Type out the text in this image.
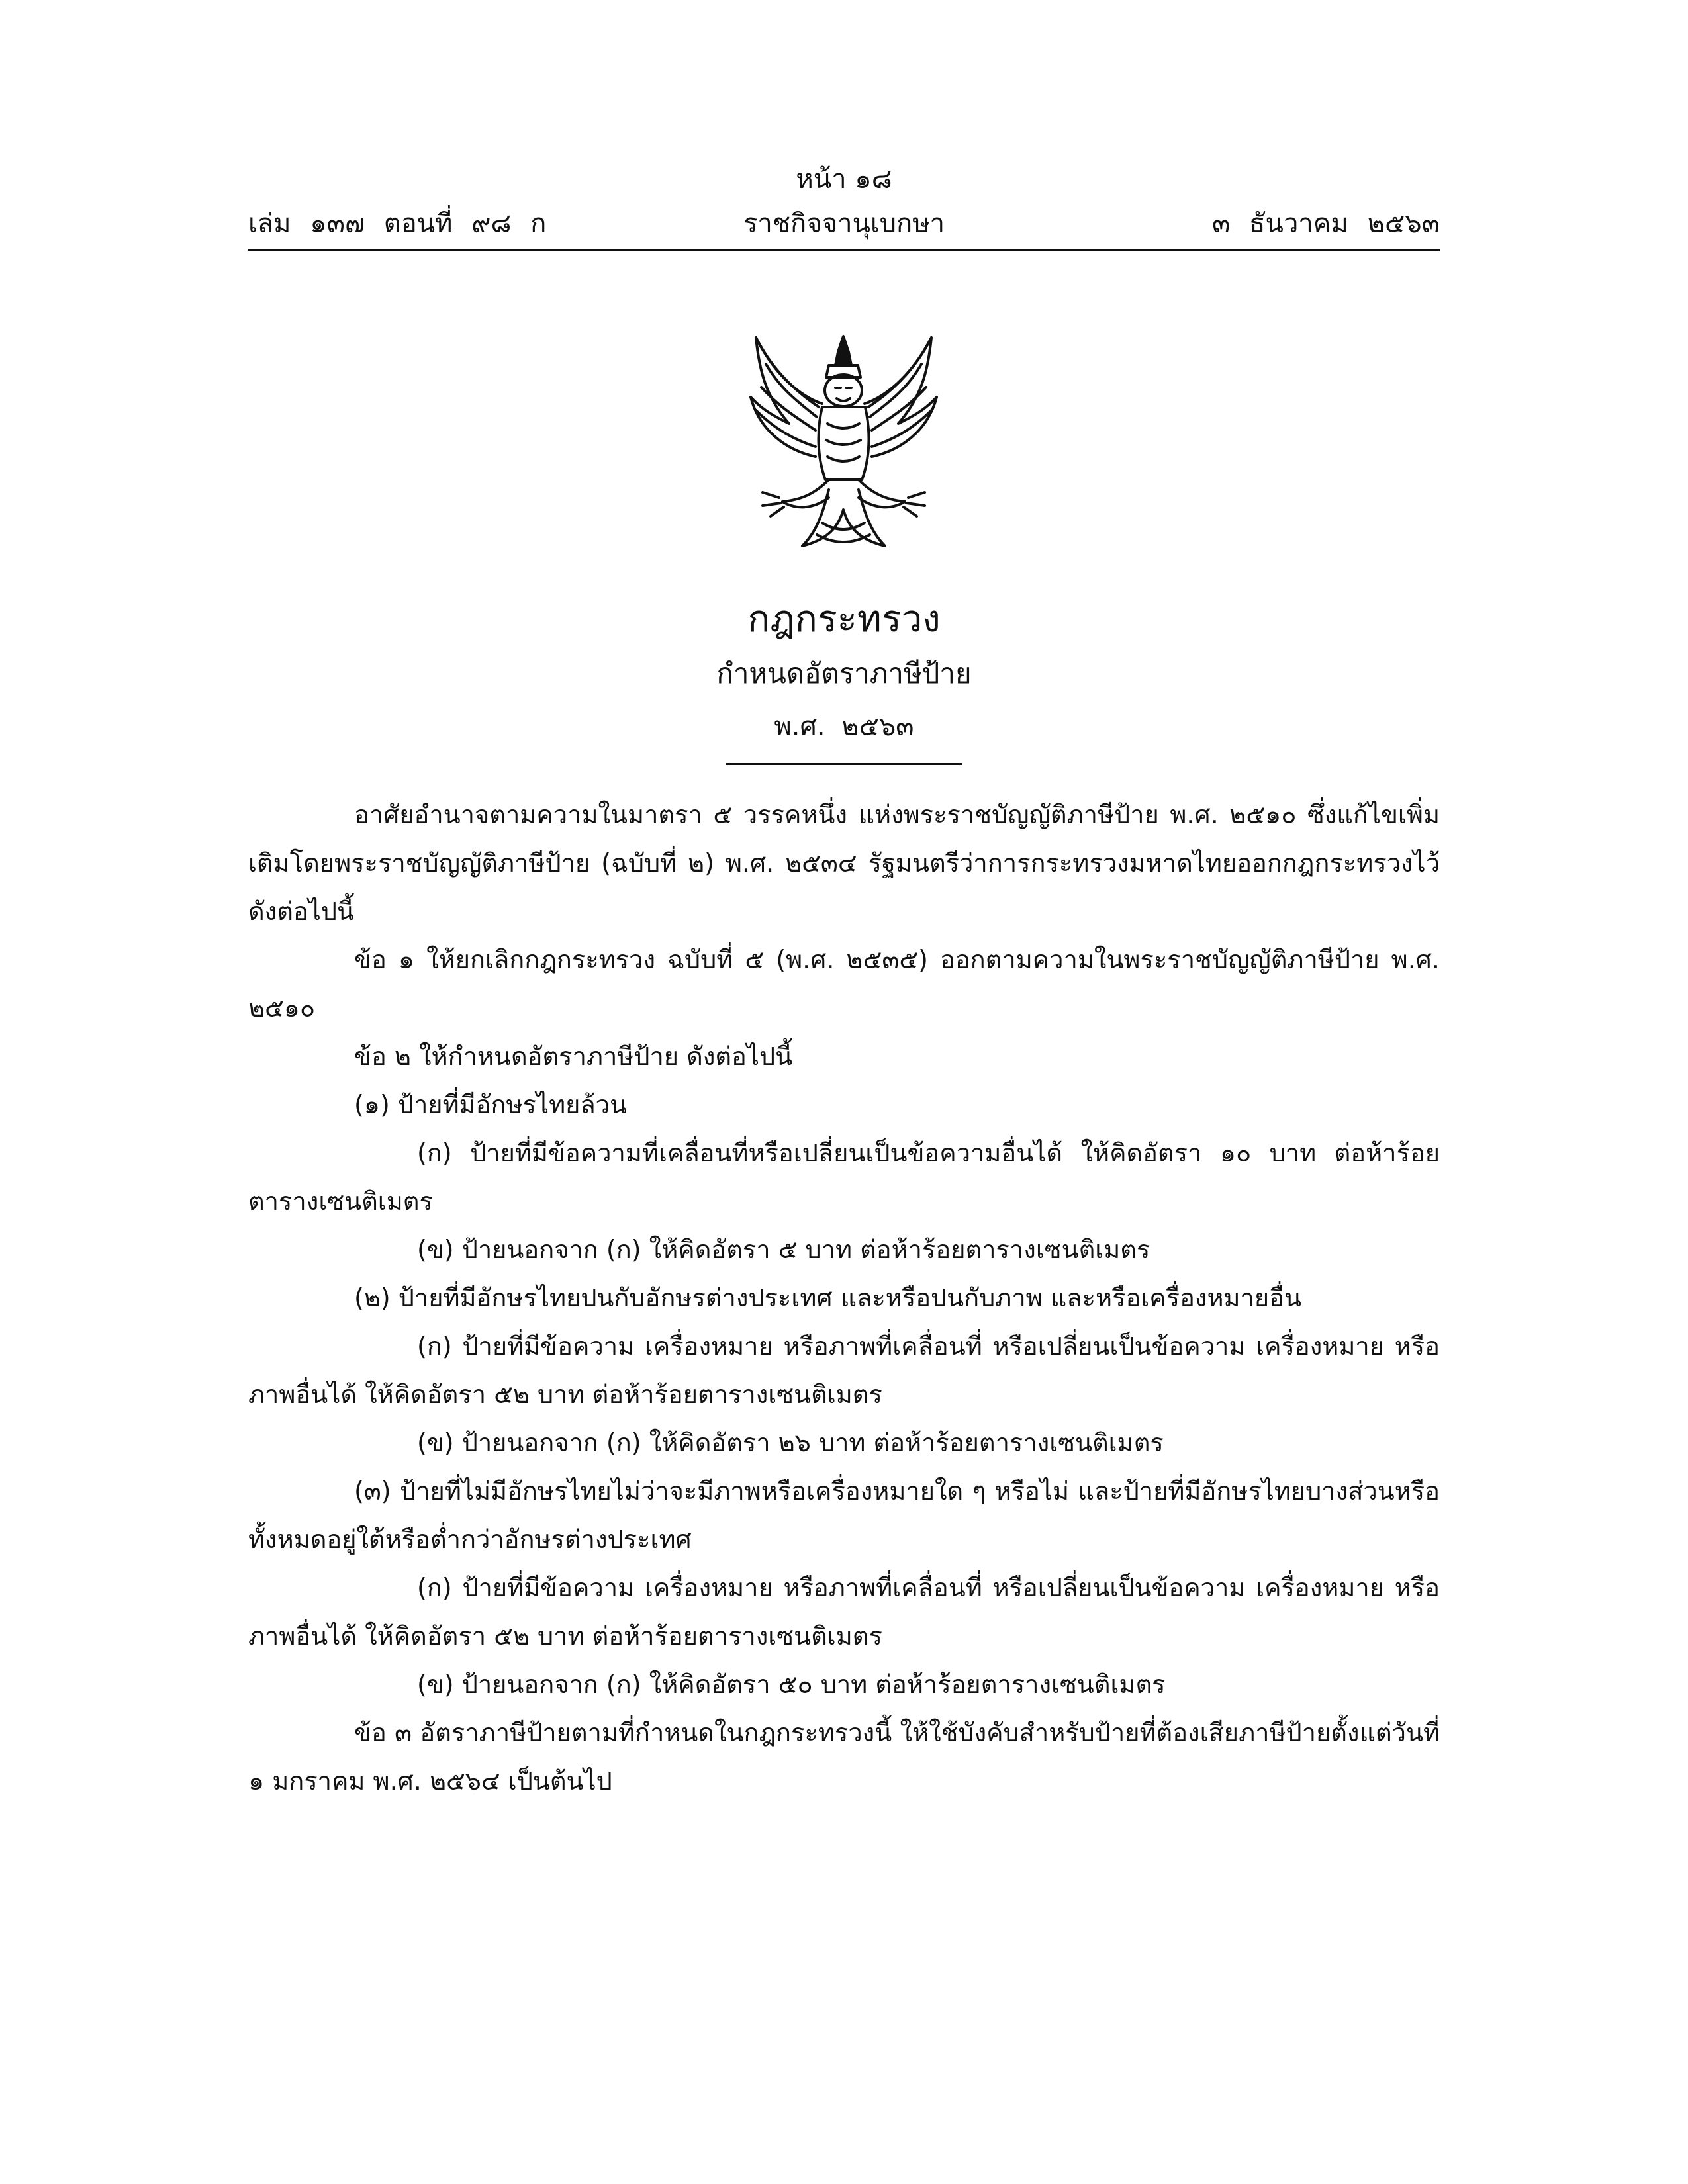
หน้า ๑๘
เล่ม ๑๓๗ ตอนที่ ๙๘ ก	ราชกิจจานุเบกษา	๓ ธันวาคม ๒๕๖๓
กฎกระทรวง
กำหนดอัตราภาษีป้าย
พ.ศ. ๒๕๖๓

อาศัยอำนาจตามความในมาตรา ๕ วรรคหนึ่ง แห่งพระราชบัญญัติภาษีป้าย พ.ศ. ๒๕๑๐ ซึ่งแก้ไขเพิ่มเติมโดยพระราชบัญญัติภาษีป้าย (ฉบับที่ ๒) พ.ศ. ๒๕๓๔ รัฐมนตรีว่าการกระทรวงมหาดไทยออกกฎกระทรวงไว้ ดังต่อไปนี้

ข้อ ๑ ให้ยกเลิกกฎกระทรวง ฉบับที่ ๕ (พ.ศ. ๒๕๓๕) ออกตามความในพระราชบัญญัติภาษีป้าย พ.ศ. ๒๕๑๐

ข้อ ๒ ให้กำหนดอัตราภาษีป้าย ดังต่อไปนี้

(๑) ป้ายที่มีอักษรไทยล้วน

(ก) ป้ายที่มีข้อความที่เคลื่อนที่หรือเปลี่ยนเป็นข้อความอื่นได้ ให้คิดอัตรา ๑๐ บาท ต่อห้าร้อยตารางเซนติเมตร

(ข) ป้ายนอกจาก (ก) ให้คิดอัตรา ๕ บาท ต่อห้าร้อยตารางเซนติเมตร

(๒) ป้ายที่มีอักษรไทยปนกับอักษรต่างประเทศ และหรือปนกับภาพ และหรือเครื่องหมายอื่น

(ก) ป้ายที่มีข้อความ เครื่องหมาย หรือภาพที่เคลื่อนที่ หรือเปลี่ยนเป็นข้อความ เครื่องหมาย หรือภาพอื่นได้ ให้คิดอัตรา ๕๒ บาท ต่อห้าร้อยตารางเซนติเมตร

(ข) ป้ายนอกจาก (ก) ให้คิดอัตรา ๒๖ บาท ต่อห้าร้อยตารางเซนติเมตร

(๓) ป้ายที่ไม่มีอักษรไทยไม่ว่าจะมีภาพหรือเครื่องหมายใด ๆ หรือไม่ และป้ายที่มีอักษรไทยบางส่วนหรือทั้งหมดอยู่ใต้หรือต่ำกว่าอักษรต่างประเทศ

(ก) ป้ายที่มีข้อความ เครื่องหมาย หรือภาพที่เคลื่อนที่ หรือเปลี่ยนเป็นข้อความ เครื่องหมาย หรือภาพอื่นได้ ให้คิดอัตรา ๕๒ บาท ต่อห้าร้อยตารางเซนติเมตร

(ข) ป้ายนอกจาก (ก) ให้คิดอัตรา ๕๐ บาท ต่อห้าร้อยตารางเซนติเมตร

ข้อ ๓ อัตราภาษีป้ายตามที่กำหนดในกฎกระทรวงนี้ ให้ใช้บังคับสำหรับป้ายที่ต้องเสียภาษีป้ายตั้งแต่วันที่ ๑ มกราคม พ.ศ. ๒๕๖๔ เป็นต้นไป
